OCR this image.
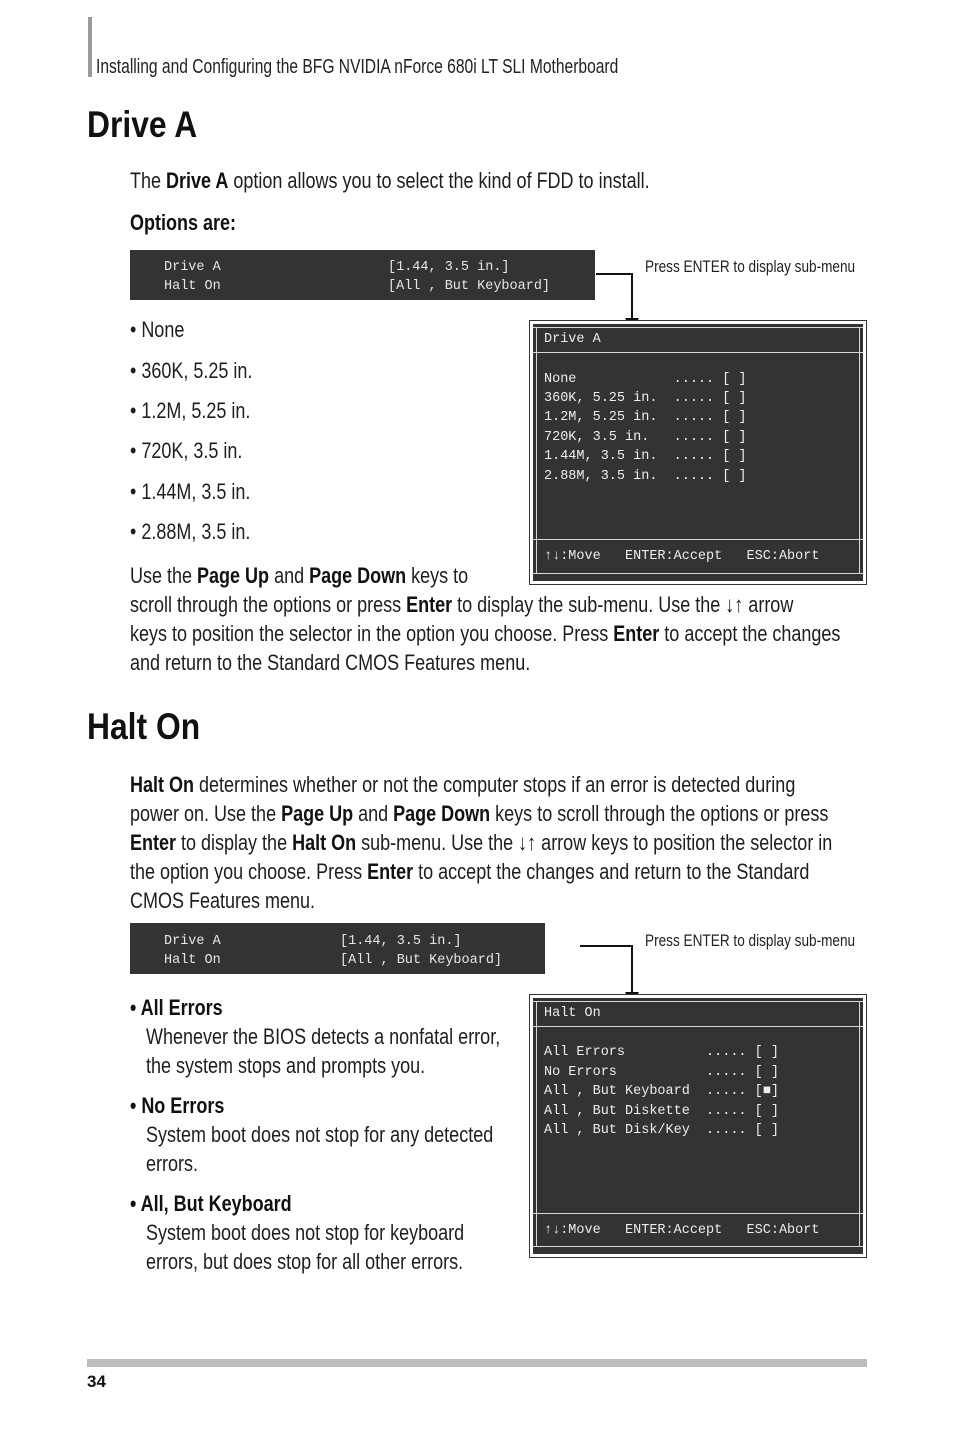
Installing and Configuring the BFG NVIDIA nForce 680i LT SLI Motherboard
Drive A
The Drive A option allows you to select the kind of FDD to install.
Options are:
Drive A	[1.44, 3.5 in.]
Halt On	[All , But Keyboard]
Press ENTER to display sub-menu
• None
• 360K, 5.25 in.
• 1.2M, 5.25 in.
• 720K, 3.5 in.
• 1.44M, 3.5 in.
• 2.88M, 3.5 in.
Drive A
None            ..... [ ]
360K, 5.25 in.  ..... [ ]
1.2M, 5.25 in.  ..... [ ]
720K, 3.5 in.   ..... [ ]
1.44M, 3.5 in.  ..... [ ]
2.88M, 3.5 in.  ..... [ ]
↑↓:Move   ENTER:Accept   ESC:Abort
Use the Page Up and Page Down keys to
scroll through the options or press Enter to display the sub-menu. Use the ↓↑ arrow
keys to position the selector in the option you choose. Press Enter to accept the changes
and return to the Standard CMOS Features menu.
Halt On
Halt On determines whether or not the computer stops if an error is detected during
power on. Use the Page Up and Page Down keys to scroll through the options or press
Enter to display the Halt On sub-menu. Use the ↓↑ arrow keys to position the selector in
the option you choose. Press Enter to accept the changes and return to the Standard
CMOS Features menu.
Drive A	[1.44, 3.5 in.]
Halt On	[All , But Keyboard]
Press ENTER to display sub-menu
Halt On
All Errors          ..... [ ]
No Errors           ..... [ ]
All , But Keyboard  ..... [■]
All , But Diskette  ..... [ ]
All , But Disk/Key  ..... [ ]
↑↓:Move   ENTER:Accept   ESC:Abort
• All Errors
Whenever the BIOS detects a nonfatal error,
the system stops and prompts you.
• No Errors
System boot does not stop for any detected
errors.
• All, But Keyboard
System boot does not stop for keyboard
errors, but does stop for all other errors.
34
